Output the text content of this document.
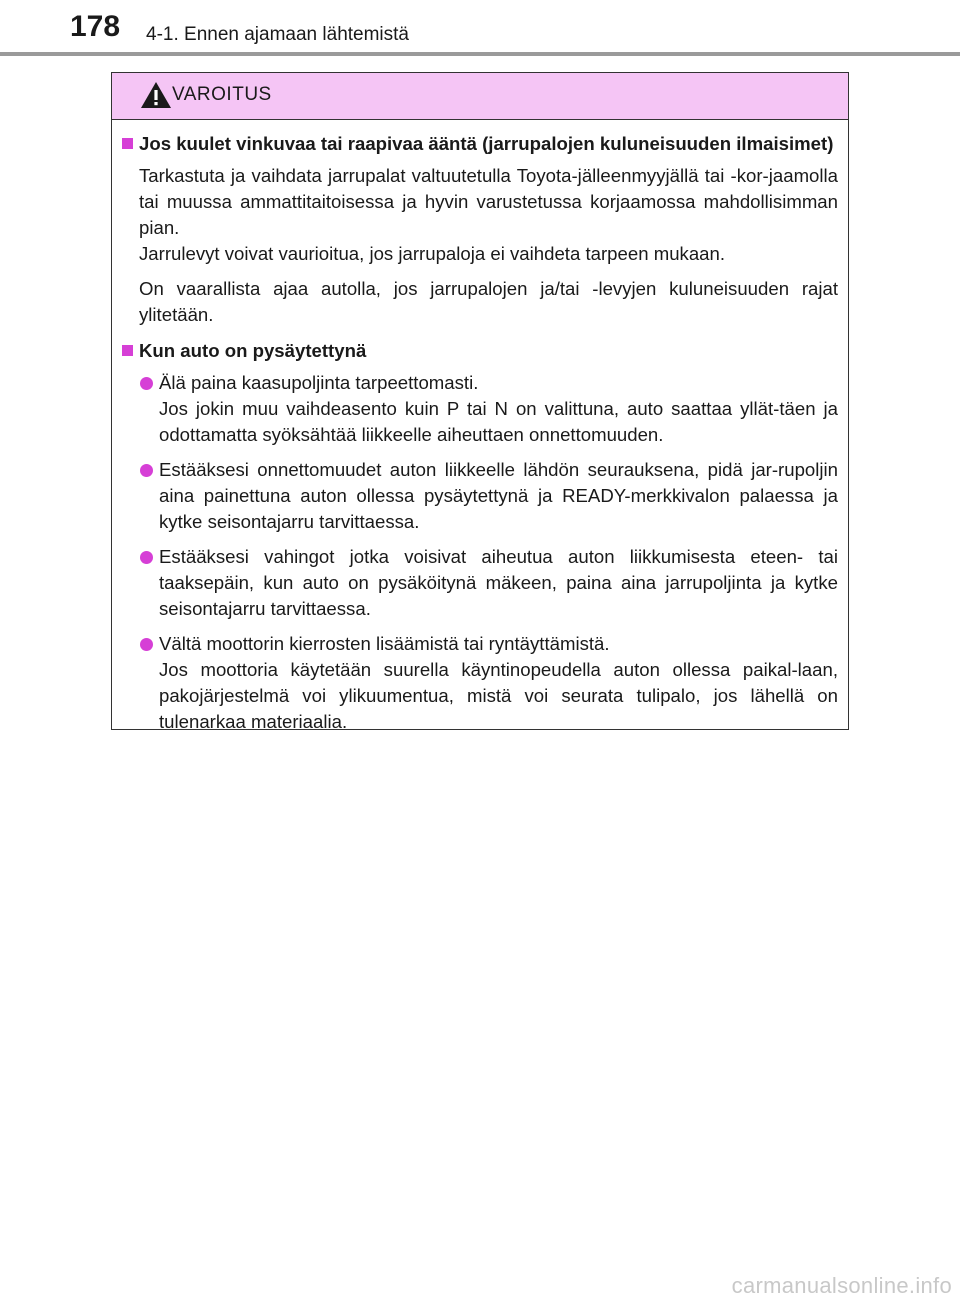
178 4-1. Ennen ajamaan lähtemistä
VAROITUS
Jos kuulet vinkuvaa tai raapivaa ääntä (jarrupalojen kuluneisuuden ilmaisimet)
Tarkastuta ja vaihdata jarrupalat valtuutetulla Toyota-jälleenmyyjällä tai -kor-jaamolla tai muussa ammattitaitoisessa ja hyvin varustetussa korjaamossa mahdollisimman pian.
Jarrulevyt voivat vaurioitua, jos jarrupaloja ei vaihdeta tarpeen mukaan.
On vaarallista ajaa autolla, jos jarrupalojen ja/tai -levyjen kuluneisuuden rajat ylitetään.
Kun auto on pysäytettynä
Älä paina kaasupoljinta tarpeettomasti.
Jos jokin muu vaihdeasento kuin P tai N on valittuna, auto saattaa yllät-täen ja odottamatta syöksähtää liikkeelle aiheuttaen onnettomuuden.
Estääksesi onnettomuudet auton liikkeelle lähdön seurauksena, pidä jar-rupoljin aina painettuna auton ollessa pysäytettynä ja READY-merkkivalon palaessa ja kytke seisontajarru tarvittaessa.
Estääksesi vahingot jotka voisivat aiheutua auton liikkumisesta eteen- tai taaksepäin, kun auto on pysäköitynä mäkeen, paina aina jarrupoljinta ja kytke seisontajarru tarvittaessa.
Vältä moottorin kierrosten lisäämistä tai ryntäyttämistä.
Jos moottoria käytetään suurella käyntinopeudella auton ollessa paikal-laan, pakojärjestelmä voi ylikuumentua, mistä voi seurata tulipalo, jos lähellä on tulenarkaa materiaalia.
carmanualsonline.info
